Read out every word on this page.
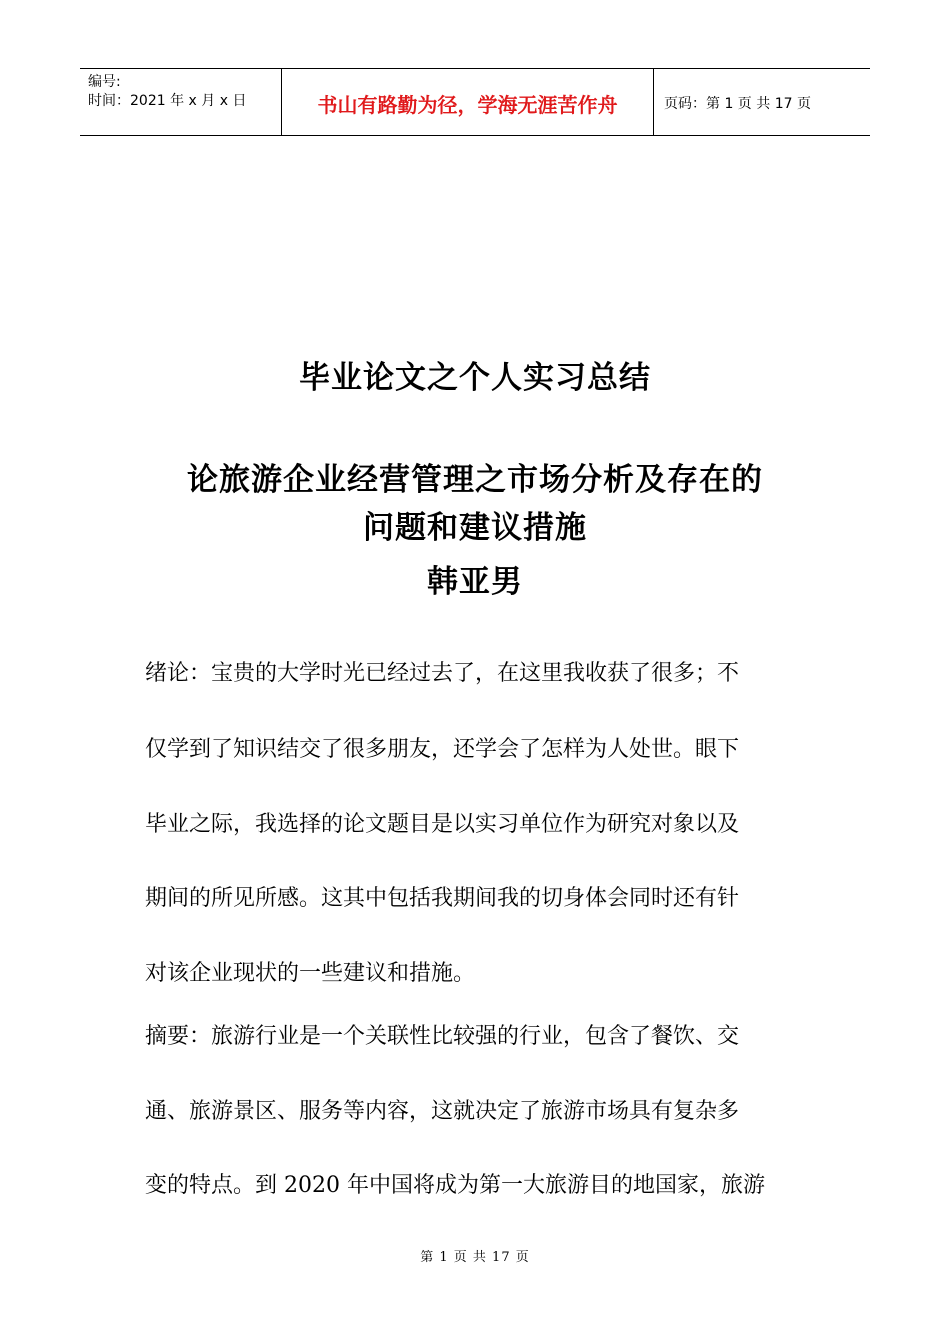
编号:
时间：2021 年 x 月 x 日	书山有路勤为径，学海无涯苦作舟	页码：第 1 页 共 17 页
毕业论文之个人实习总结
论旅游企业经营管理之市场分析及存在的
问题和建议措施
韩亚男
绪论：宝贵的大学时光已经过去了，在这里我收获了很多；不
仅学到了知识结交了很多朋友，还学会了怎样为人处世。眼下
毕业之际，我选择的论文题目是以实习单位作为研究对象以及
期间的所见所感。这其中包括我期间我的切身体会同时还有针
对该企业现状的一些建议和措施。
摘要：旅游行业是一个关联性比较强的行业，包含了餐饮、交
通、旅游景区、服务等内容，这就决定了旅游市场具有复杂多
变的特点。到 2020 年中国将成为第一大旅游目的地国家，旅游
第 1 页 共 17 页
